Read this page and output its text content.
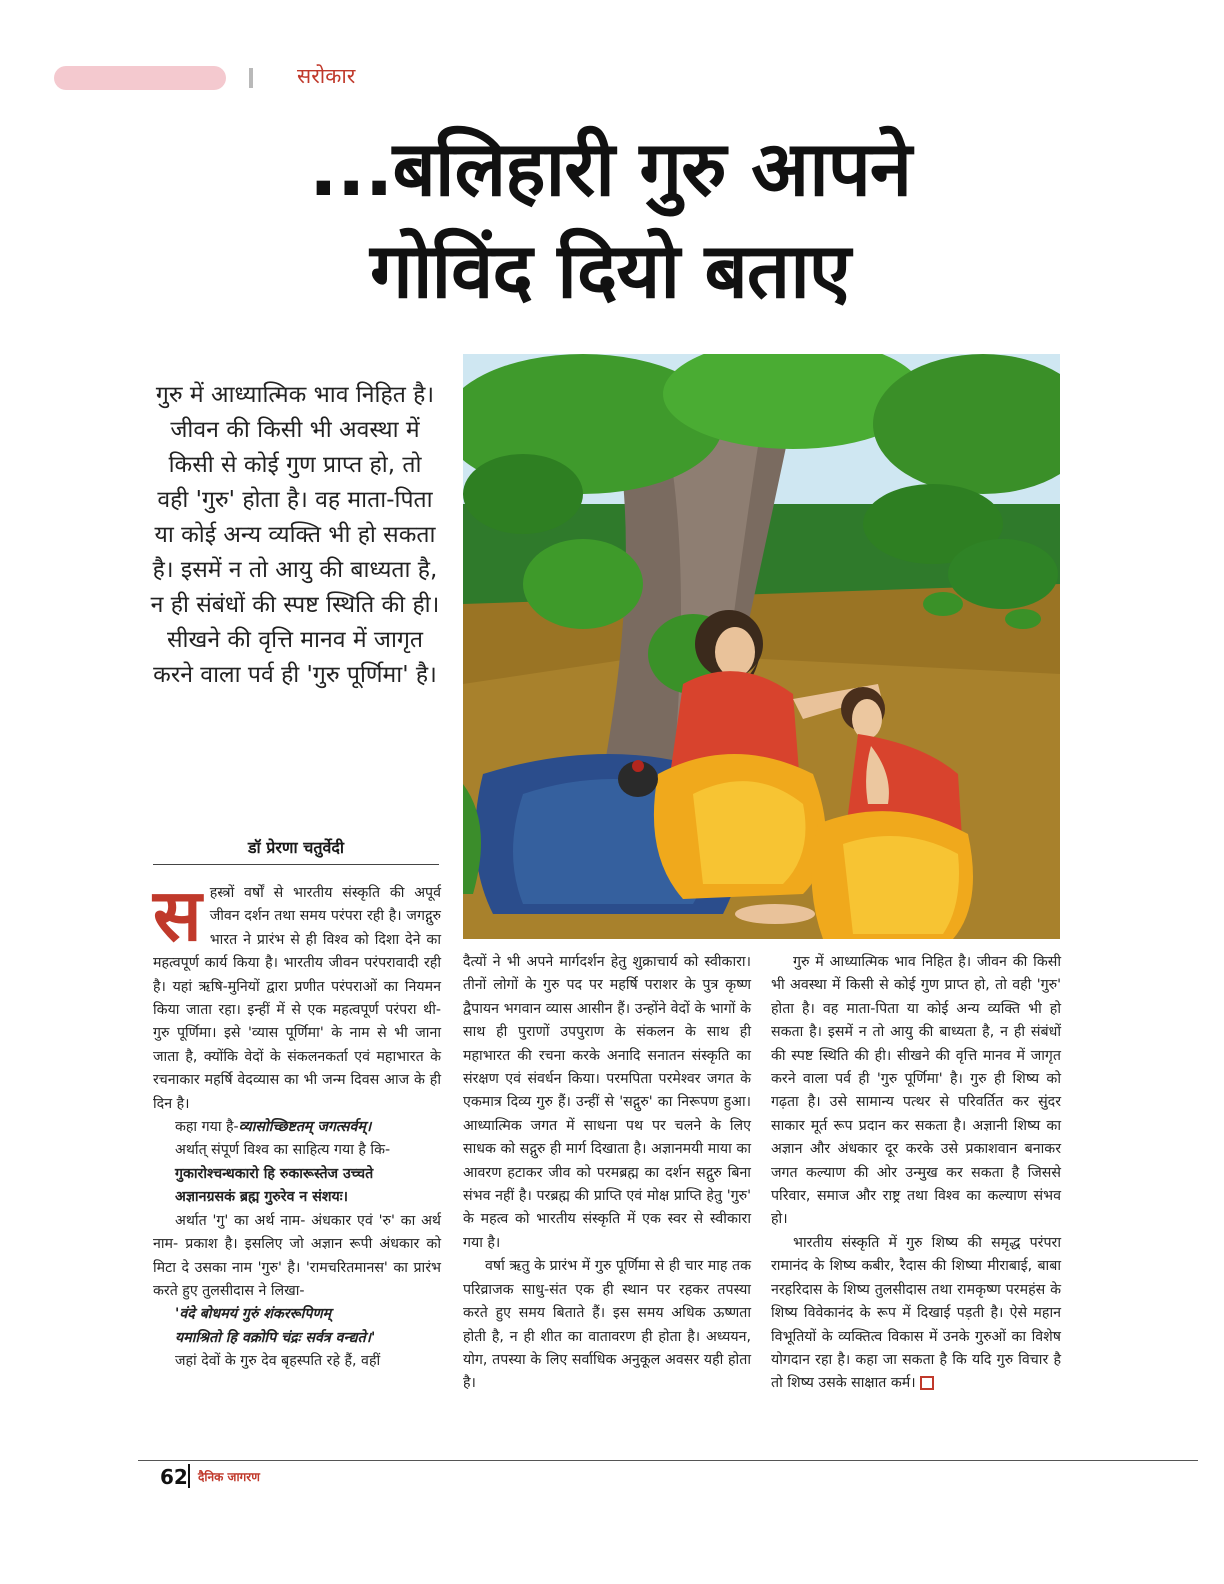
सरोकार
...बलिहारी गुरु आपने
गोविंद दियो बताए
गुरु में आध्यात्मिक भाव निहित है। जीवन की किसी भी अवस्था में किसी से कोई गुण प्राप्त हो, तो वही 'गुरु' होता है। वह माता-पिता या कोई अन्य व्यक्ति भी हो सकता है। इसमें न तो आयु की बाध्यता है, न ही संबंधों की स्पष्ट स्थिति की ही। सीखने की वृत्ति मानव में जागृत करने वाला पर्व ही 'गुरु पूर्णिमा' है।
डॉ प्रेरणा चतुर्वेदी
स हस्त्रों वर्षों से भारतीय संस्कृति की अपूर्व जीवन दर्शन तथा समय परंपरा रही है। जगद्गुरु भारत ने प्रारंभ से ही विश्व को दिशा देने का महत्वपूर्ण कार्य किया है। भारतीय जीवन परंपरावादी रही है। यहां ऋषि-मुनियों द्वारा प्रणीत परंपराओं का नियमन किया जाता रहा। इन्हीं में से एक महत्वपूर्ण परंपरा थी- गुरु पूर्णिमा। इसे 'व्यास पूर्णिमा' के नाम से भी जाना जाता है, क्योंकि वेदों के संकलनकर्ता एवं महाभारत के रचनाकार महर्षि वेदव्यास का भी जन्म दिवस आज के ही दिन है।

कहा गया है-व्यासोच्छिष्टतम् जगत्सर्वम्।

अर्थात् संपूर्ण विश्व का साहित्य गया है कि-

गुकारोश्चन्धकारो हि रुकारूस्तेज उच्चते

अज्ञानग्रसकं ब्रह्म गुरुरेव न संशयः।

अर्थात 'गु' का अर्थ नाम- अंधकार एवं 'रु' का अर्थ नाम- प्रकाश है। इसलिए जो अज्ञान रूपी अंधकार को मिटा दे उसका नाम 'गुरु' है। 'रामचरितमानस' का प्रारंभ करते हुए तुलसीदास ने लिखा-

'वंदे बोधमयं गुरुं शंकररूपिणम्

यमाश्रितो हि वक्रोपि चंद्रः सर्वत्र वन्द्यते।'

जहां देवों के गुरु देव बृहस्पति रहे हैं, वहीं

दैत्यों ने भी अपने मार्गदर्शन हेतु शुक्राचार्य को स्वीकारा। तीनों लोगों के गुरु पद पर महर्षि पराशर के पुत्र कृष्ण द्वैपायन भगवान व्यास आसीन हैं। उन्होंने वेदों के भागों के साथ ही पुराणों उपपुराण के संकलन के साथ ही महाभारत की रचना करके अनादि सनातन संस्कृति का संरक्षण एवं संवर्धन किया। परमपिता परमेश्वर जगत के एकमात्र दिव्य गुरु हैं। उन्हीं से 'सद्गुरु' का निरूपण हुआ। आध्यात्मिक जगत में साधना पथ पर चलने के लिए साधक को सद्गुरु ही मार्ग दिखाता है। अज्ञानमयी माया का आवरण हटाकर जीव को परमब्रह्म का दर्शन सद्गुरु बिना संभव नहीं है। परब्रह्म की प्राप्ति एवं मोक्ष प्राप्ति हेतु 'गुरु' के महत्व को भारतीय संस्कृति में एक स्वर से स्वीकारा गया है।

वर्षा ऋतु के प्रारंभ में गुरु पूर्णिमा से ही चार माह तक परिव्राजक साधु-संत एक ही स्थान पर रहकर तपस्या करते हुए समय बिताते हैं। इस समय अधिक ऊष्णता होती है, न ही शीत का वातावरण ही होता है। अध्ययन, योग, तपस्या के लिए सर्वाधिक अनुकूल अवसर यही होता है।

गुरु में आध्यात्मिक भाव निहित है। जीवन की किसी भी अवस्था में किसी से कोई गुण प्राप्त हो, तो वही 'गुरु' होता है। वह माता-पिता या कोई अन्य व्यक्ति भी हो सकता है। इसमें न तो आयु की बाध्यता है, न ही संबंधों की स्पष्ट स्थिति की ही। सीखने की वृत्ति मानव में जागृत करने वाला पर्व ही 'गुरु पूर्णिमा' है। गुरु ही शिष्य को गढ़ता है। उसे सामान्य पत्थर से परिवर्तित कर सुंदर साकार मूर्त रूप प्रदान कर सकता है। अज्ञानी शिष्य का अज्ञान और अंधकार दूर करके उसे प्रकाशवान बनाकर जगत कल्याण की ओर उन्मुख कर सकता है जिससे परिवार, समाज और राष्ट्र तथा विश्व का कल्याण संभव हो।

भारतीय संस्कृति में गुरु शिष्य की समृद्ध परंपरा रामानंद के शिष्य कबीर, रैदास की शिष्या मीराबाई, बाबा नरहरिदास के शिष्य तुलसीदास तथा रामकृष्ण परमहंस के शिष्य विवेकानंद के रूप में दिखाई पड़ती है। ऐसे महान विभूतियों के व्यक्तित्व विकास में उनके गुरुओं का विशेष योगदान रहा है। कहा जा सकता है कि यदि गुरु विचार है तो शिष्य उसके साक्षात कर्म।

62 दैनिक जागरण
